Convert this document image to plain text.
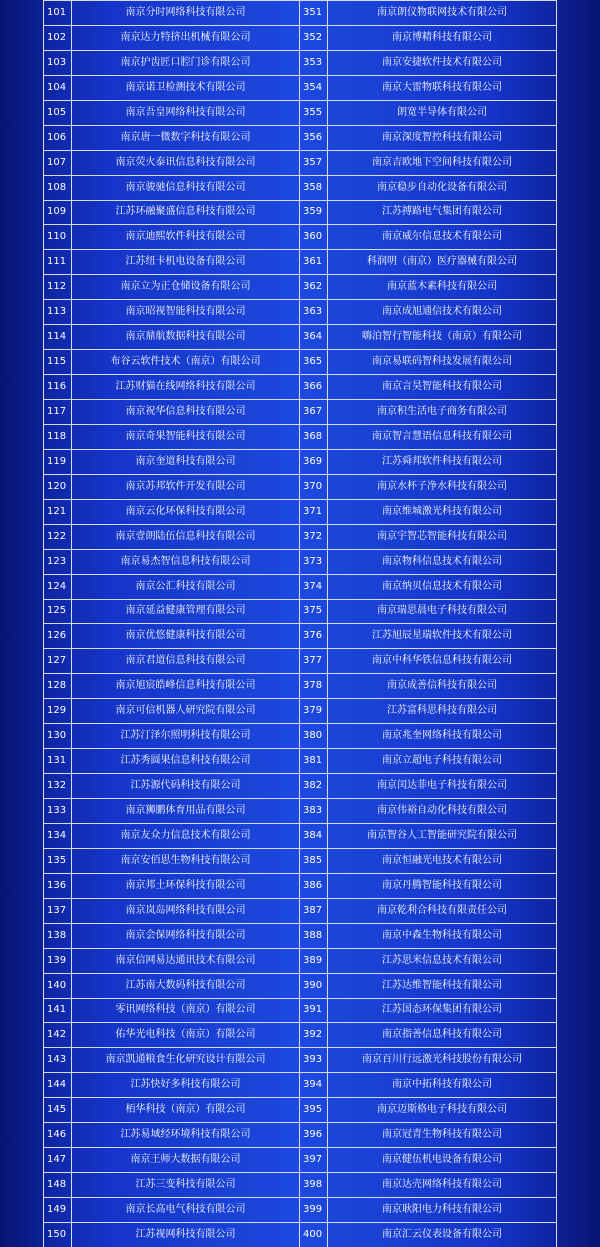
101	南京分时网络科技有限公司	351	南京朗仪物联网技术有限公司
102	南京达力特挤出机械有限公司	352	南京博精科技有限公司
103	南京护齿匠口腔门诊有限公司	353	南京安捷软件技术有限公司
104	南京诺卫检测技术有限公司	354	南京大雷物联科技有限公司
105	南京吾皇网络科技有限公司	355	朗宽半导体有限公司
106	南京唐一微数字科技有限公司	356	南京深度智控科技有限公司
107	南京荧火泰讯信息科技有限公司	357	南京吉欧地下空间科技有限公司
108	南京骏驰信息科技有限公司	358	南京稳步自动化设备有限公司
109	江苏环融聚盛信息科技有限公司	359	江苏搏路电气集团有限公司
110	南京迪熙软件科技有限公司	360	南京威尔信息技术有限公司
111	江苏纽卡机电设备有限公司	361	科润明（南京）医疗器械有限公司
112	南京立为正仓储设备有限公司	362	南京蓝木素科技有限公司
113	南京昭视智能科技有限公司	363	南京成旭通信技术有限公司
114	南京鼎航数据科技有限公司	364	嗨泊智行智能科技（南京）有限公司
115	布谷云软件技术（南京）有限公司	365	南京易联码智科技发展有限公司
116	江苏财猫在线网络科技有限公司	366	南京言昊智能科技有限公司
117	南京祝华信息科技有限公司	367	南京积生活电子商务有限公司
118	南京奇果智能科技有限公司	368	南京智言慧语信息科技有限公司
119	南京奎道科技有限公司	369	江苏舜邦软件科技有限公司
120	南京苏邦软件开发有限公司	370	南京水杯子净水科技有限公司
121	南京云化环保科技有限公司	371	南京维城激光科技有限公司
122	南京壹朗陆伍信息科技有限公司	372	南京宇智芯智能科技有限公司
123	南京易杰智信息科技有限公司	373	南京物科信息技术有限公司
124	南京公汇科技有限公司	374	南京纳贝信息技术有限公司
125	南京延益健康管理有限公司	375	南京瑞思晨电子科技有限公司
126	南京优悠健康科技有限公司	376	江苏旭辰星瑞软件技术有限公司
127	南京君道信息科技有限公司	377	南京中科华铁信息科技有限公司
128	南京旭宸皓峰信息科技有限公司	378	南京成善信科技有限公司
129	南京可信机器人研究院有限公司	379	江苏富科思科技有限公司
130	江苏汀泽尔照明科技有限公司	380	南京兆奎网络科技有限公司
131	江苏秀圆果信息科技有限公司	381	南京立超电子科技有限公司
132	江苏源代码科技有限公司	382	南京闰达菲电子科技有限公司
133	南京狮鹏体育用品有限公司	383	南京伟裕自动化科技有限公司
134	南京友众力信息技术有限公司	384	南京智谷人工智能研究院有限公司
135	南京安佰思生物科技有限公司	385	南京恒融光电技术有限公司
136	南京邦土环保科技有限公司	386	南京丹腾智能科技有限公司
137	南京岚岛网络科技有限公司	387	南京乾利合科技有限责任公司
138	南京会保网络科技有限公司	388	南京中森生物科技有限公司
139	南京信网易达通讯技术有限公司	389	江苏思米信息技术有限公司
140	江苏南大数码科技有限公司	390	江苏达维智能科技有限公司
141	零讯网络科技（南京）有限公司	391	江苏国态环保集团有限公司
142	佑华光电科技（南京）有限公司	392	南京指善信息科技有限公司
143	南京凯通粮食生化研究设计有限公司	393	南京百川行远激光科技股份有限公司
144	江苏快好多科技有限公司	394	南京中拓科技有限公司
145	栢华科技（南京）有限公司	395	南京迈斯格电子科技有限公司
146	江苏易域经环境科技有限公司	396	南京冠青生物科技有限公司
147	南京王师大数据有限公司	397	南京健伍机电设备有限公司
148	江苏三变科技有限公司	398	南京达壳网络科技有限公司
149	南京长高电气科技有限公司	399	南京耿阳电力科技有限公司
150	江苏视网科技有限公司	400	南京汇云仪表设备有限公司
